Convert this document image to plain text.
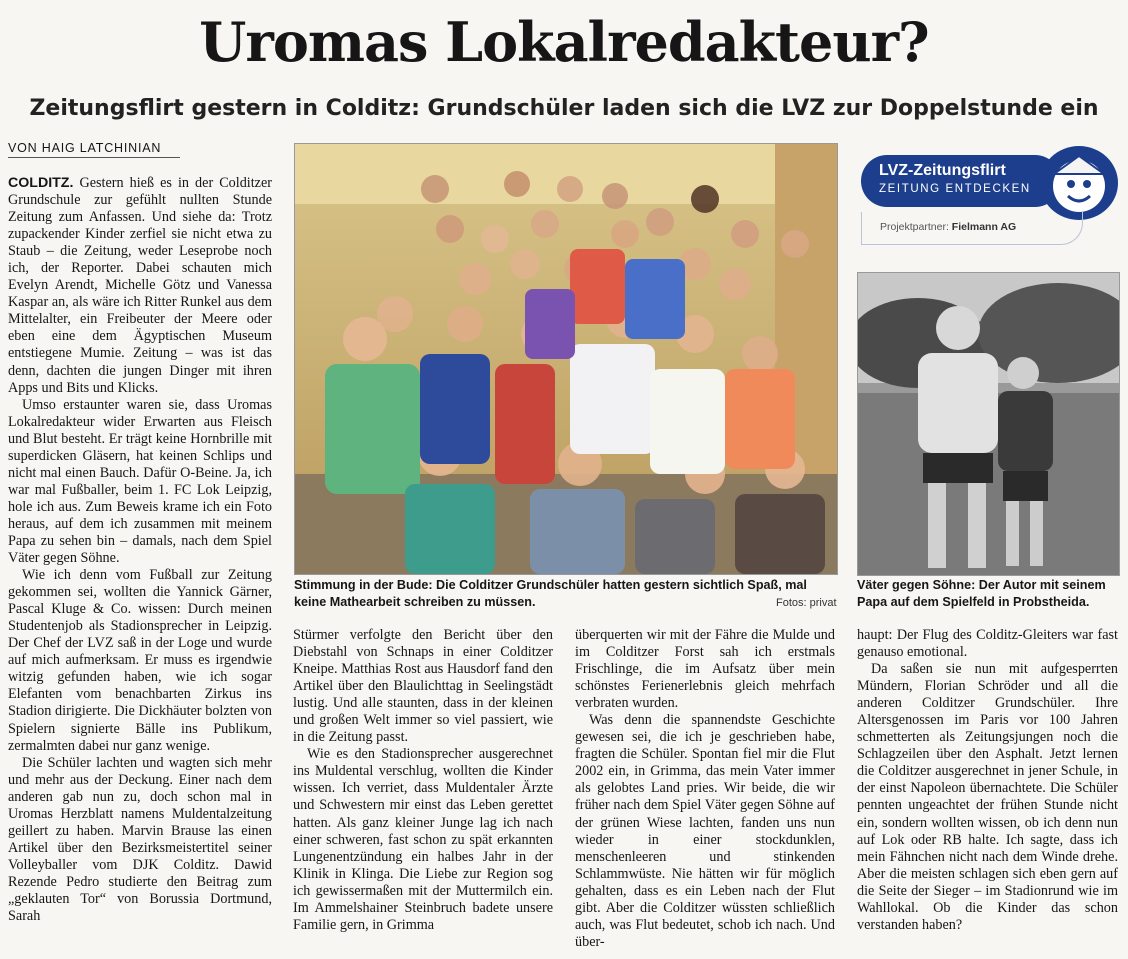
Uromas Lokalredakteur?
Zeitungsflirt gestern in Colditz: Grundschüler laden sich die LVZ zur Doppelstunde ein
VON HAIG LATCHINIAN

COLDITZ. Gestern hieß es in der Colditzer Grundschule zur gefühlt nullten Stunde Zeitung zum Anfassen. Und siehe da: Trotz zupackender Kinder zerfiel sie nicht etwa zu Staub – die Zeitung, weder Leseprobe noch ich, der Reporter. Dabei schauten mich Evelyn Arendt, Michelle Götz und Vanessa Kaspar an, als wäre ich Ritter Runkel aus dem Mittelalter, ein Freibeuter der Meere oder eben eine dem Ägyptischen Museum entstiegene Mumie. Zeitung – was ist das denn, dachten die jungen Dinger mit ihren Apps und Bits und Klicks.

Umso erstaunter waren sie, dass Uromas Lokalredakteur wider Erwarten aus Fleisch und Blut besteht. Er trägt keine Hornbrille mit superdicken Gläsern, hat keinen Schlips und nicht mal einen Bauch. Dafür O-Beine. Ja, ich war mal Fußballer, beim 1. FC Lok Leipzig, hole ich aus. Zum Beweis krame ich ein Foto heraus, auf dem ich zusammen mit meinem Papa zu sehen bin – damals, nach dem Spiel Väter gegen Söhne.

Wie ich denn vom Fußball zur Zeitung gekommen sei, wollten die Yannick Gärner, Pascal Kluge & Co. wissen: Durch meinen Studentenjob als Stadionsprecher in Leipzig. Der Chef der LVZ saß in der Loge und wurde auf mich aufmerksam. Er muss es irgendwie witzig gefunden haben, wie ich sogar Elefanten vom benachbarten Zirkus ins Stadion dirigierte. Die Dickhäuter bolzten von Spielern signierte Bälle ins Publikum, zermalmten dabei nur ganz wenige.

Die Schüler lachten und wagten sich mehr und mehr aus der Deckung. Einer nach dem anderen gab nun zu, doch schon mal in Uromas Herzblatt namens Muldentalzeitung geillert zu haben. Marvin Brause las einen Artikel über den Bezirksmeistertitel seiner Volleyballer vom DJK Colditz. Dawid Rezende Pedro studierte den Beitrag zum „geklauten Tor“ von Borussia Dortmund, Sarah

Stimmung in der Bude: Die Colditzer Grundschüler hatten gestern sichtlich Spaß, mal keine Mathearbeit schreiben zu müssen.	Fotos: privat
LVZ-Zeitungsflirt
ZEITUNG ENTDECKEN
Projektpartner: Fielmann AG
Väter gegen Söhne: Der Autor mit seinem Papa auf dem Spielfeld in Probstheida.

Stürmer verfolgte den Bericht über den Diebstahl von Schnaps in einer Colditzer Kneipe. Matthias Rost aus Hausdorf fand den Artikel über den Blaulichttag in Seelingstädt lustig. Und alle staunten, dass in der kleinen und großen Welt immer so viel passiert, wie in die Zeitung passt.

Wie es den Stadionsprecher ausgerechnet ins Muldental verschlug, wollten die Kinder wissen. Ich verriet, dass Muldentaler Ärzte und Schwestern mir einst das Leben gerettet hatten. Als ganz kleiner Junge lag ich nach einer schweren, fast schon zu spät erkannten Lungenentzündung ein halbes Jahr in der Klinik in Klinga. Die Liebe zur Region sog ich gewissermaßen mit der Muttermilch ein. Im Ammelshainer Steinbruch badete unsere Familie gern, in Grimma

überquerten wir mit der Fähre die Mulde und im Colditzer Forst sah ich erstmals Frischlinge, die im Aufsatz über mein schönstes Ferienerlebnis gleich mehrfach verbraten wurden.

Was denn die spannendste Geschichte gewesen sei, die ich je geschrieben habe, fragten die Schüler. Spontan fiel mir die Flut 2002 ein, in Grimma, das mein Vater immer als gelobtes Land pries. Wir beide, die wir früher nach dem Spiel Väter gegen Söhne auf der grünen Wiese lachten, fanden uns nun wieder in einer stockdunklen, menschenleeren und stinkenden Schlammwüste. Nie hätten wir für möglich gehalten, dass es ein Leben nach der Flut gibt. Aber die Colditzer wüssten schließlich auch, was Flut bedeutet, schob ich nach. Und über-

haupt: Der Flug des Colditz-Gleiters war fast genauso emotional.

Da saßen sie nun mit aufgesperrten Mündern, Florian Schröder und all die anderen Colditzer Grundschüler. Ihre Altersgenossen im Paris vor 100 Jahren schmetterten als Zeitungsjungen noch die Schlagzeilen über den Asphalt. Jetzt lernen die Colditzer ausgerechnet in jener Schule, in der einst Napoleon übernachtete. Die Schüler pennten ungeachtet der frühen Stunde nicht ein, sondern wollten wissen, ob ich denn nun auf Lok oder RB halte. Ich sagte, dass ich mein Fähnchen nicht nach dem Winde drehe. Aber die meisten schlagen sich eben gern auf die Seite der Sieger – im Stadionrund wie im Wahllokal. Ob die Kinder das schon verstanden haben?
